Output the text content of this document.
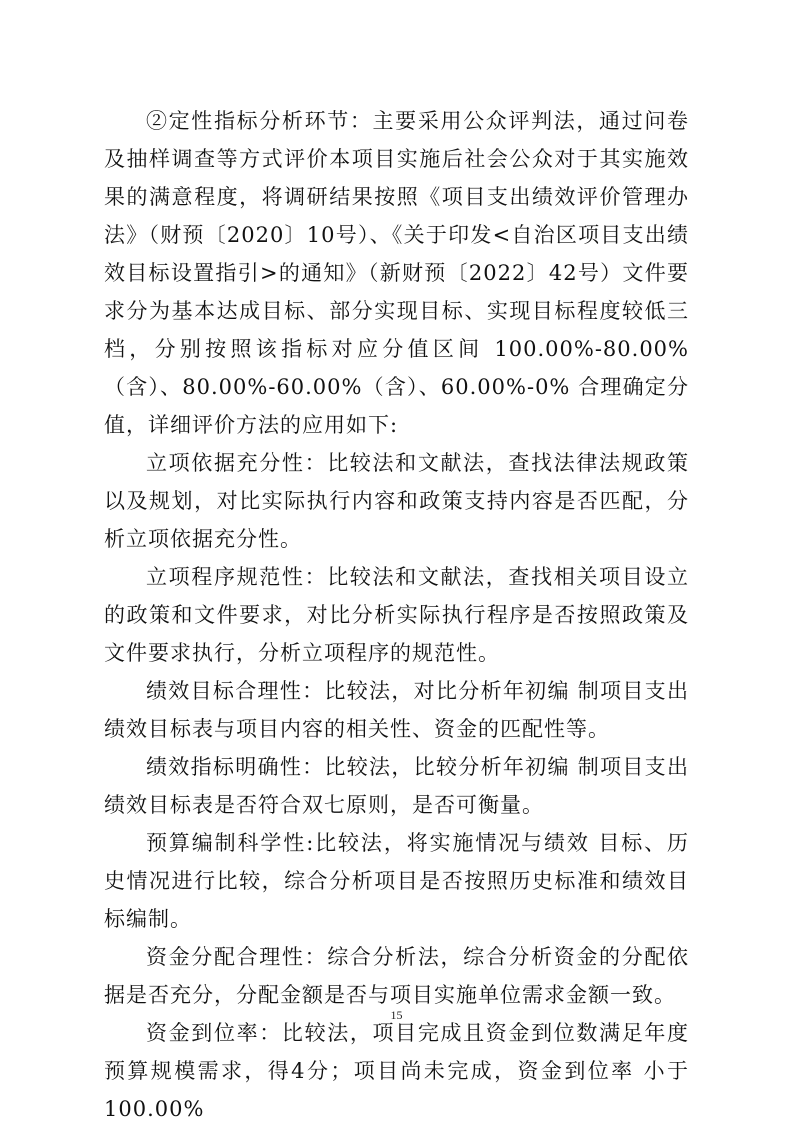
②定性指标分析环节：主要采用公众评判法，通过问卷及抽样调查等方式评价本项目实施后社会公众对于其实施效果的满意程度，将调研结果按照《项目支出绩效评价管理办法》（财预〔2020〕10号）、《关于印发<自治区项目支出绩效目标设置指引>的通知》（新财预〔2022〕42号）文件要求分为基本达成目标、部分实现目标、实现目标程度较低三档，分别按照该指标对应分值区间 100.00%-80.00%（含）、80.00%-60.00%（含）、60.00%-0% 合理确定分值，详细评价方法的应用如下:

立项依据充分性：比较法和文献法，查找法律法规政策以及规划，对比实际执行内容和政策支持内容是否匹配，分析立项依据充分性。

立项程序规范性：比较法和文献法，查找相关项目设立的政策和文件要求，对比分析实际执行程序是否按照政策及文件要求执行，分析立项程序的规范性。

绩效目标合理性：比较法，对比分析年初编 制项目支出绩效目标表与项目内容的相关性、资金的匹配性等。

绩效指标明确性：比较法，比较分析年初编 制项目支出绩效目标表是否符合双七原则，是否可衡量。

预算编制科学性:比较法，将实施情况与绩效 目标、历史情况进行比较，综合分析项目是否按照历史标准和绩效目标编制。

资金分配合理性：综合分析法，综合分析资金的分配依据是否充分，分配金额是否与项目实施单位需求金额一致。

资金到位率：比较法，项目完成且资金到位数满足年度预算规模需求，得4分；项目尚未完成，资金到位率 小于 100.00%

15
